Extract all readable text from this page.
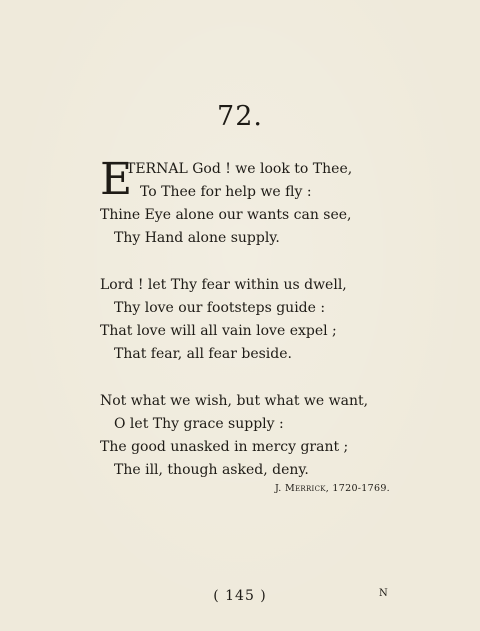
72.
E
TERNAL God ! we look to Thee,
To Thee for help we fly :
Thine Eye alone our wants can see,
Thy Hand alone supply.
Lord ! let Thy fear within us dwell,
Thy love our footsteps guide :
That love will all vain love expel ;
That fear, all fear beside.
Not what we wish, but what we want,
O let Thy grace supply :
The good unasked in mercy grant ;
The ill, though asked, deny.
J. Merrick, 1720-1769.
( 145 )	N
